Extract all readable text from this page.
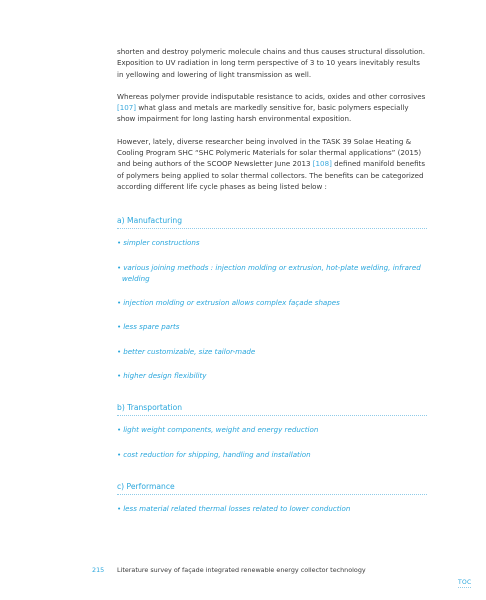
shorten and destroy polymeric molecule chains and thus causes structural dissolution. Exposition to UV radiation in long term perspective of 3 to 10 years inevitably results in yellowing and lowering of light transmission as well.

Whereas polymer provide indisputable resistance to acids, oxides and other corrosives [107] what glass and metals are markedly sensitive for, basic polymers especially show impairment for long lasting harsh environmental exposition.

However, lately, diverse researcher being involved in the TASK 39 Solae Heating & Cooling Program SHC “SHC Polymeric Materials for solar thermal applications” (2015) and being authors of the SCOOP Newsletter June 2013 [108] defined manifold benefits of polymers being applied to solar thermal collectors. The benefits can be categorized according different life cycle phases as being listed below :

a) Manufacturing

• simpler constructions

• various joining methods : injection molding or extrusion, hot-plate welding, infrared
welding

• injection molding or extrusion allows complex façade shapes

• less spare parts

• better customizable, size tailor-made

• higher design flexibility

b) Transportation

• light weight components, weight and energy reduction

• cost reduction for shipping, handling and installation

c) Performance

• less material related thermal losses related to lower conduction

215 Literature survey of façade integrated renewable energy collector technology
TOC
